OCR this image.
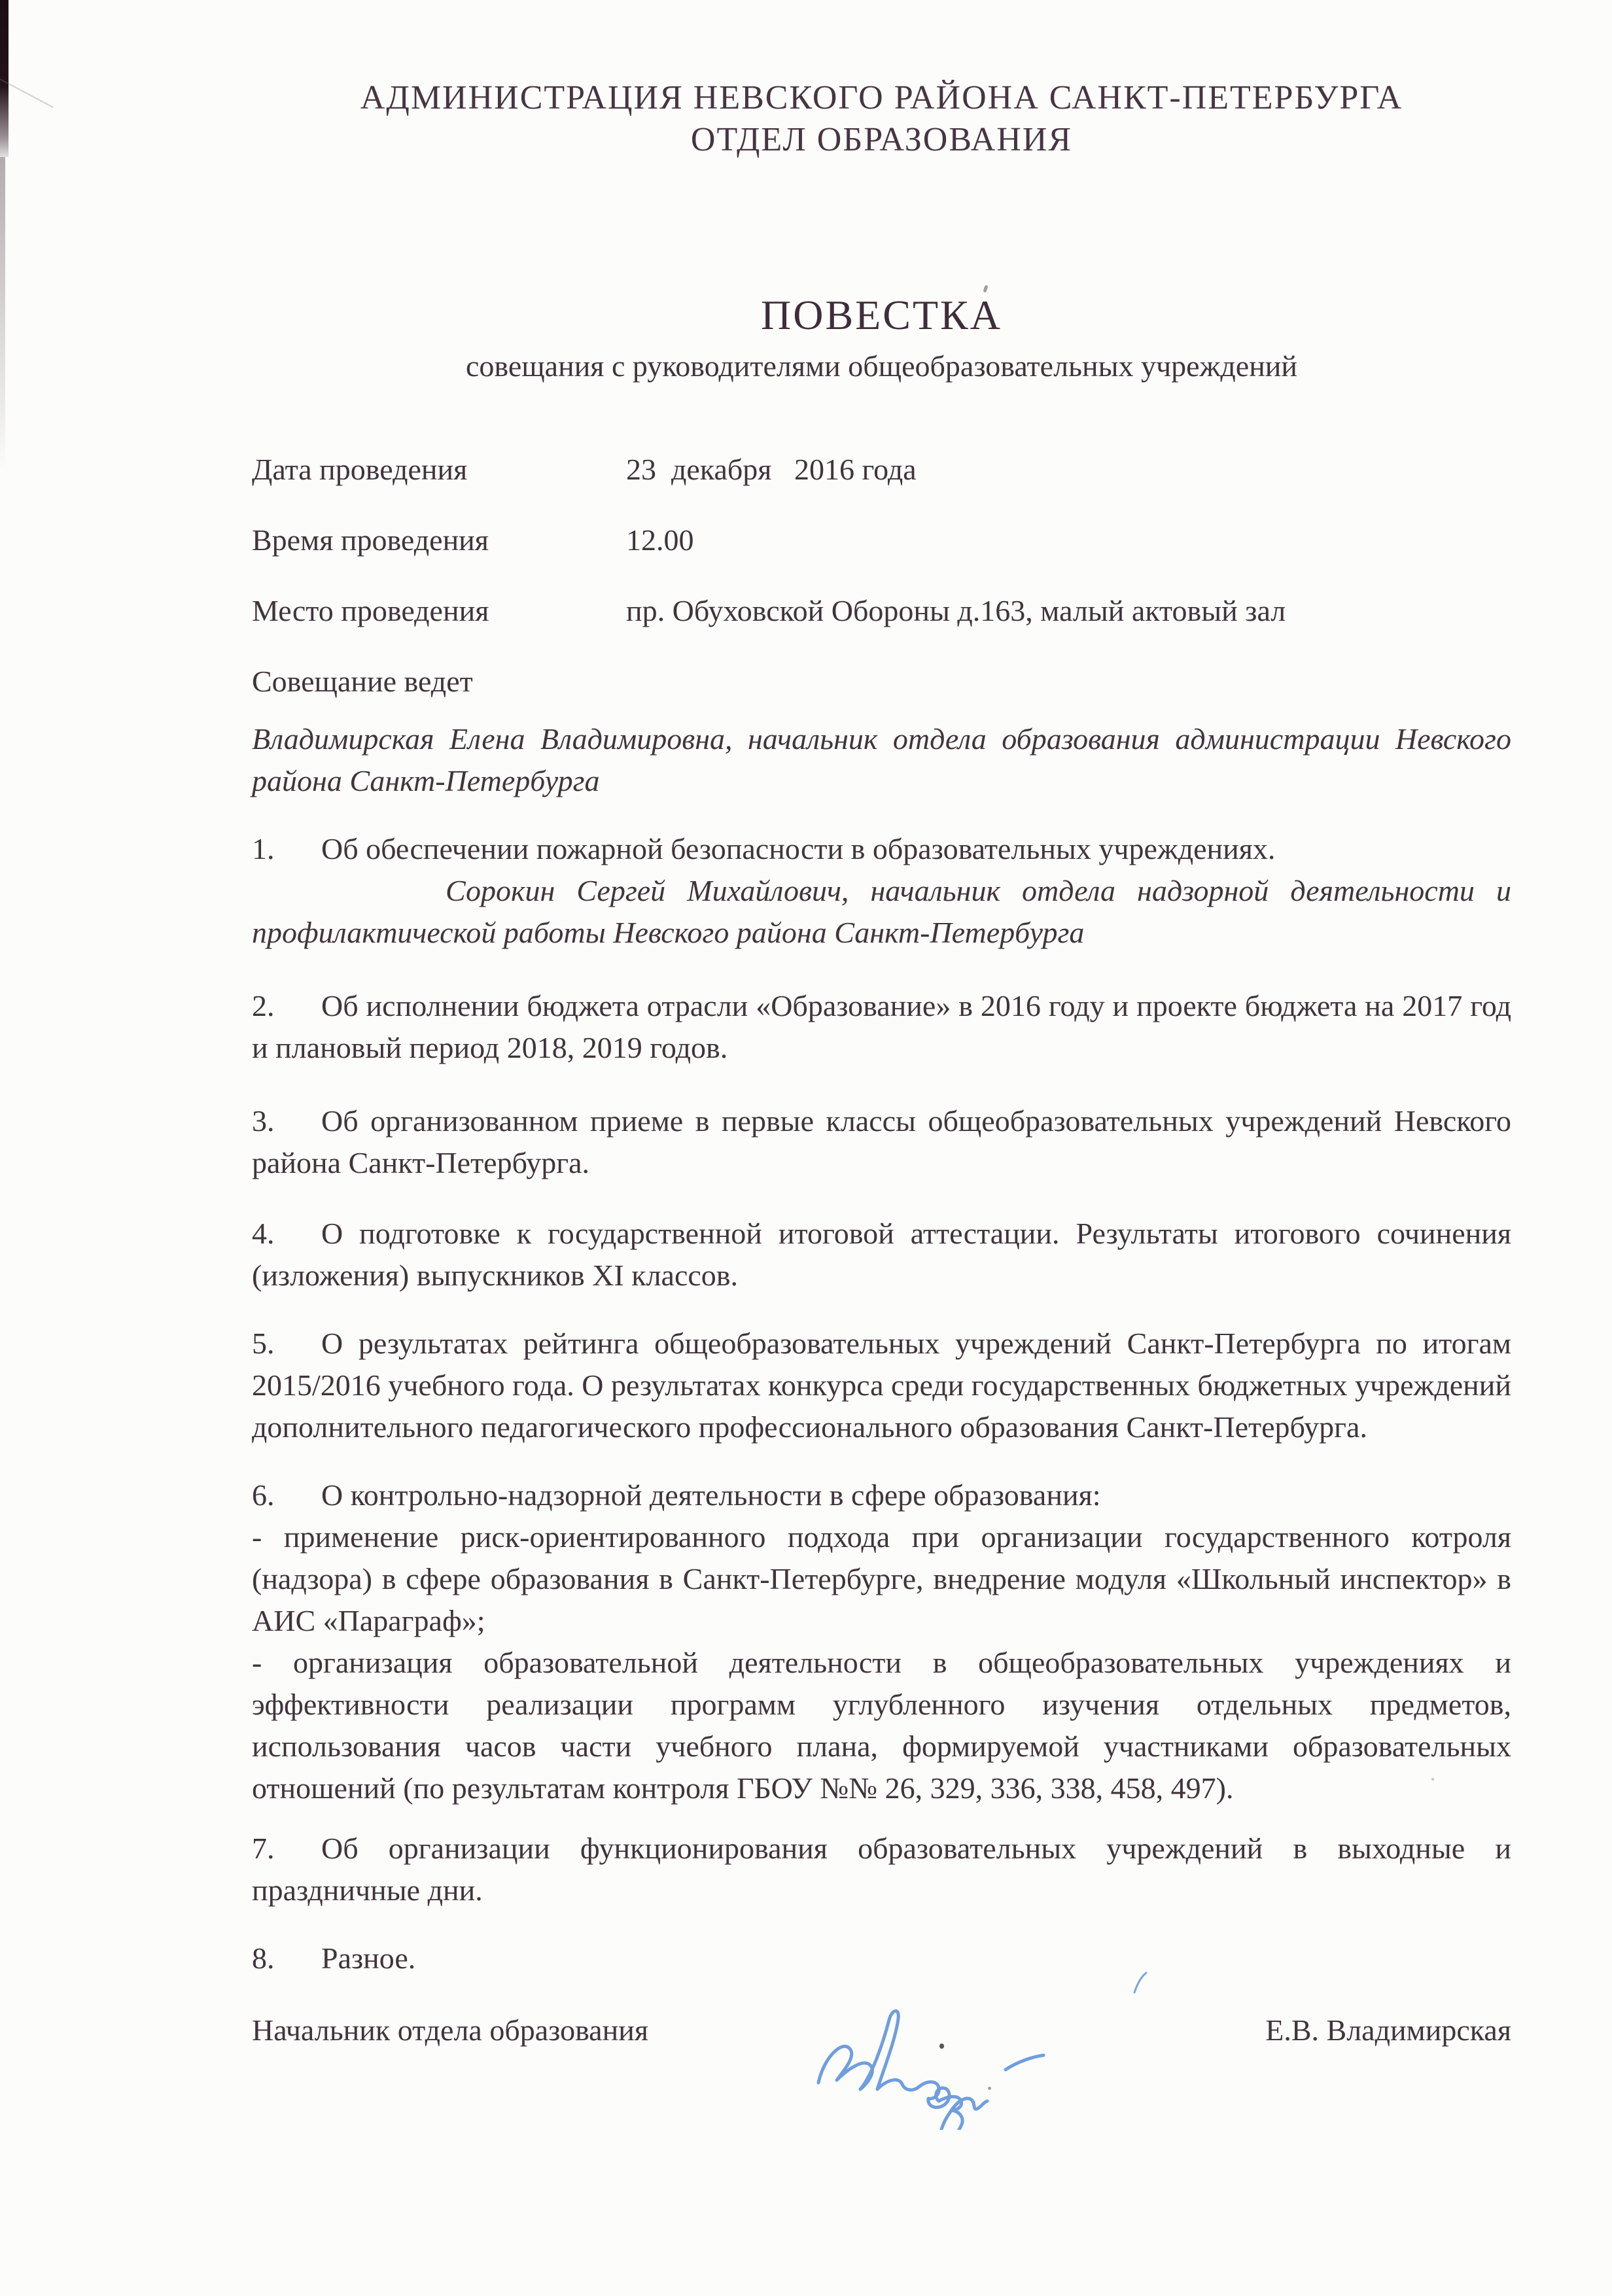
АДМИНИСТРАЦИЯ НЕВСКОГО РАЙОНА САНКТ-ПЕТЕРБУРГА
ОТДЕЛ ОБРАЗОВАНИЯ
ПОВЕСТКА
совещания с руководителями общеобразовательных учреждений
Дата проведения	23  декабря   2016 года
Время проведения	12.00
Место проведения	пр. Обуховской Обороны д.163, малый актовый зал
Совещание ведет

Владимирская Елена Владимировна, начальник отдела образования администрации Невского района Санкт-Петербурга

1. Об обеспечении пожарной безопасности в образовательных учреждениях.

Сорокин Сергей Михайлович, начальник отдела надзорной деятельности и профилактической работы Невского района Санкт-Петербурга

2. Об исполнении бюджета отрасли «Образование» в 2016 году и проекте бюджета на 2017 год и плановый период 2018, 2019 годов.

3. Об организованном приеме в первые классы общеобразовательных учреждений Невского района Санкт-Петербурга.

4. О подготовке к государственной итоговой аттестации. Результаты итогового сочинения (изложения) выпускников XI классов.

5. О результатах рейтинга общеобразовательных учреждений Санкт-Петербурга по итогам 2015/2016 учебного года. О результатах конкурса среди государственных бюджетных учреждений дополнительного педагогического профессионального образования Санкт-Петербурга.

6. О контрольно-надзорной деятельности в сфере образования:

- применение риск-ориентированного подхода при организации государственного котроля (надзора) в сфере образования в Санкт-Петербурге, внедрение модуля «Школьный инспектор» в АИС «Параграф»;

- организация образовательной деятельности в общеобразовательных учреждениях и эффективности реализации программ углубленного изучения отдельных предметов, использования часов части учебного плана, формируемой участниками образовательных отношений (по результатам контроля ГБОУ №№ 26, 329, 336, 338, 458, 497).

7. Об организации функционирования образовательных учреждений в выходные и праздничные дни.

8. Разное.

Начальник отдела образования	Е.В. Владимирская
